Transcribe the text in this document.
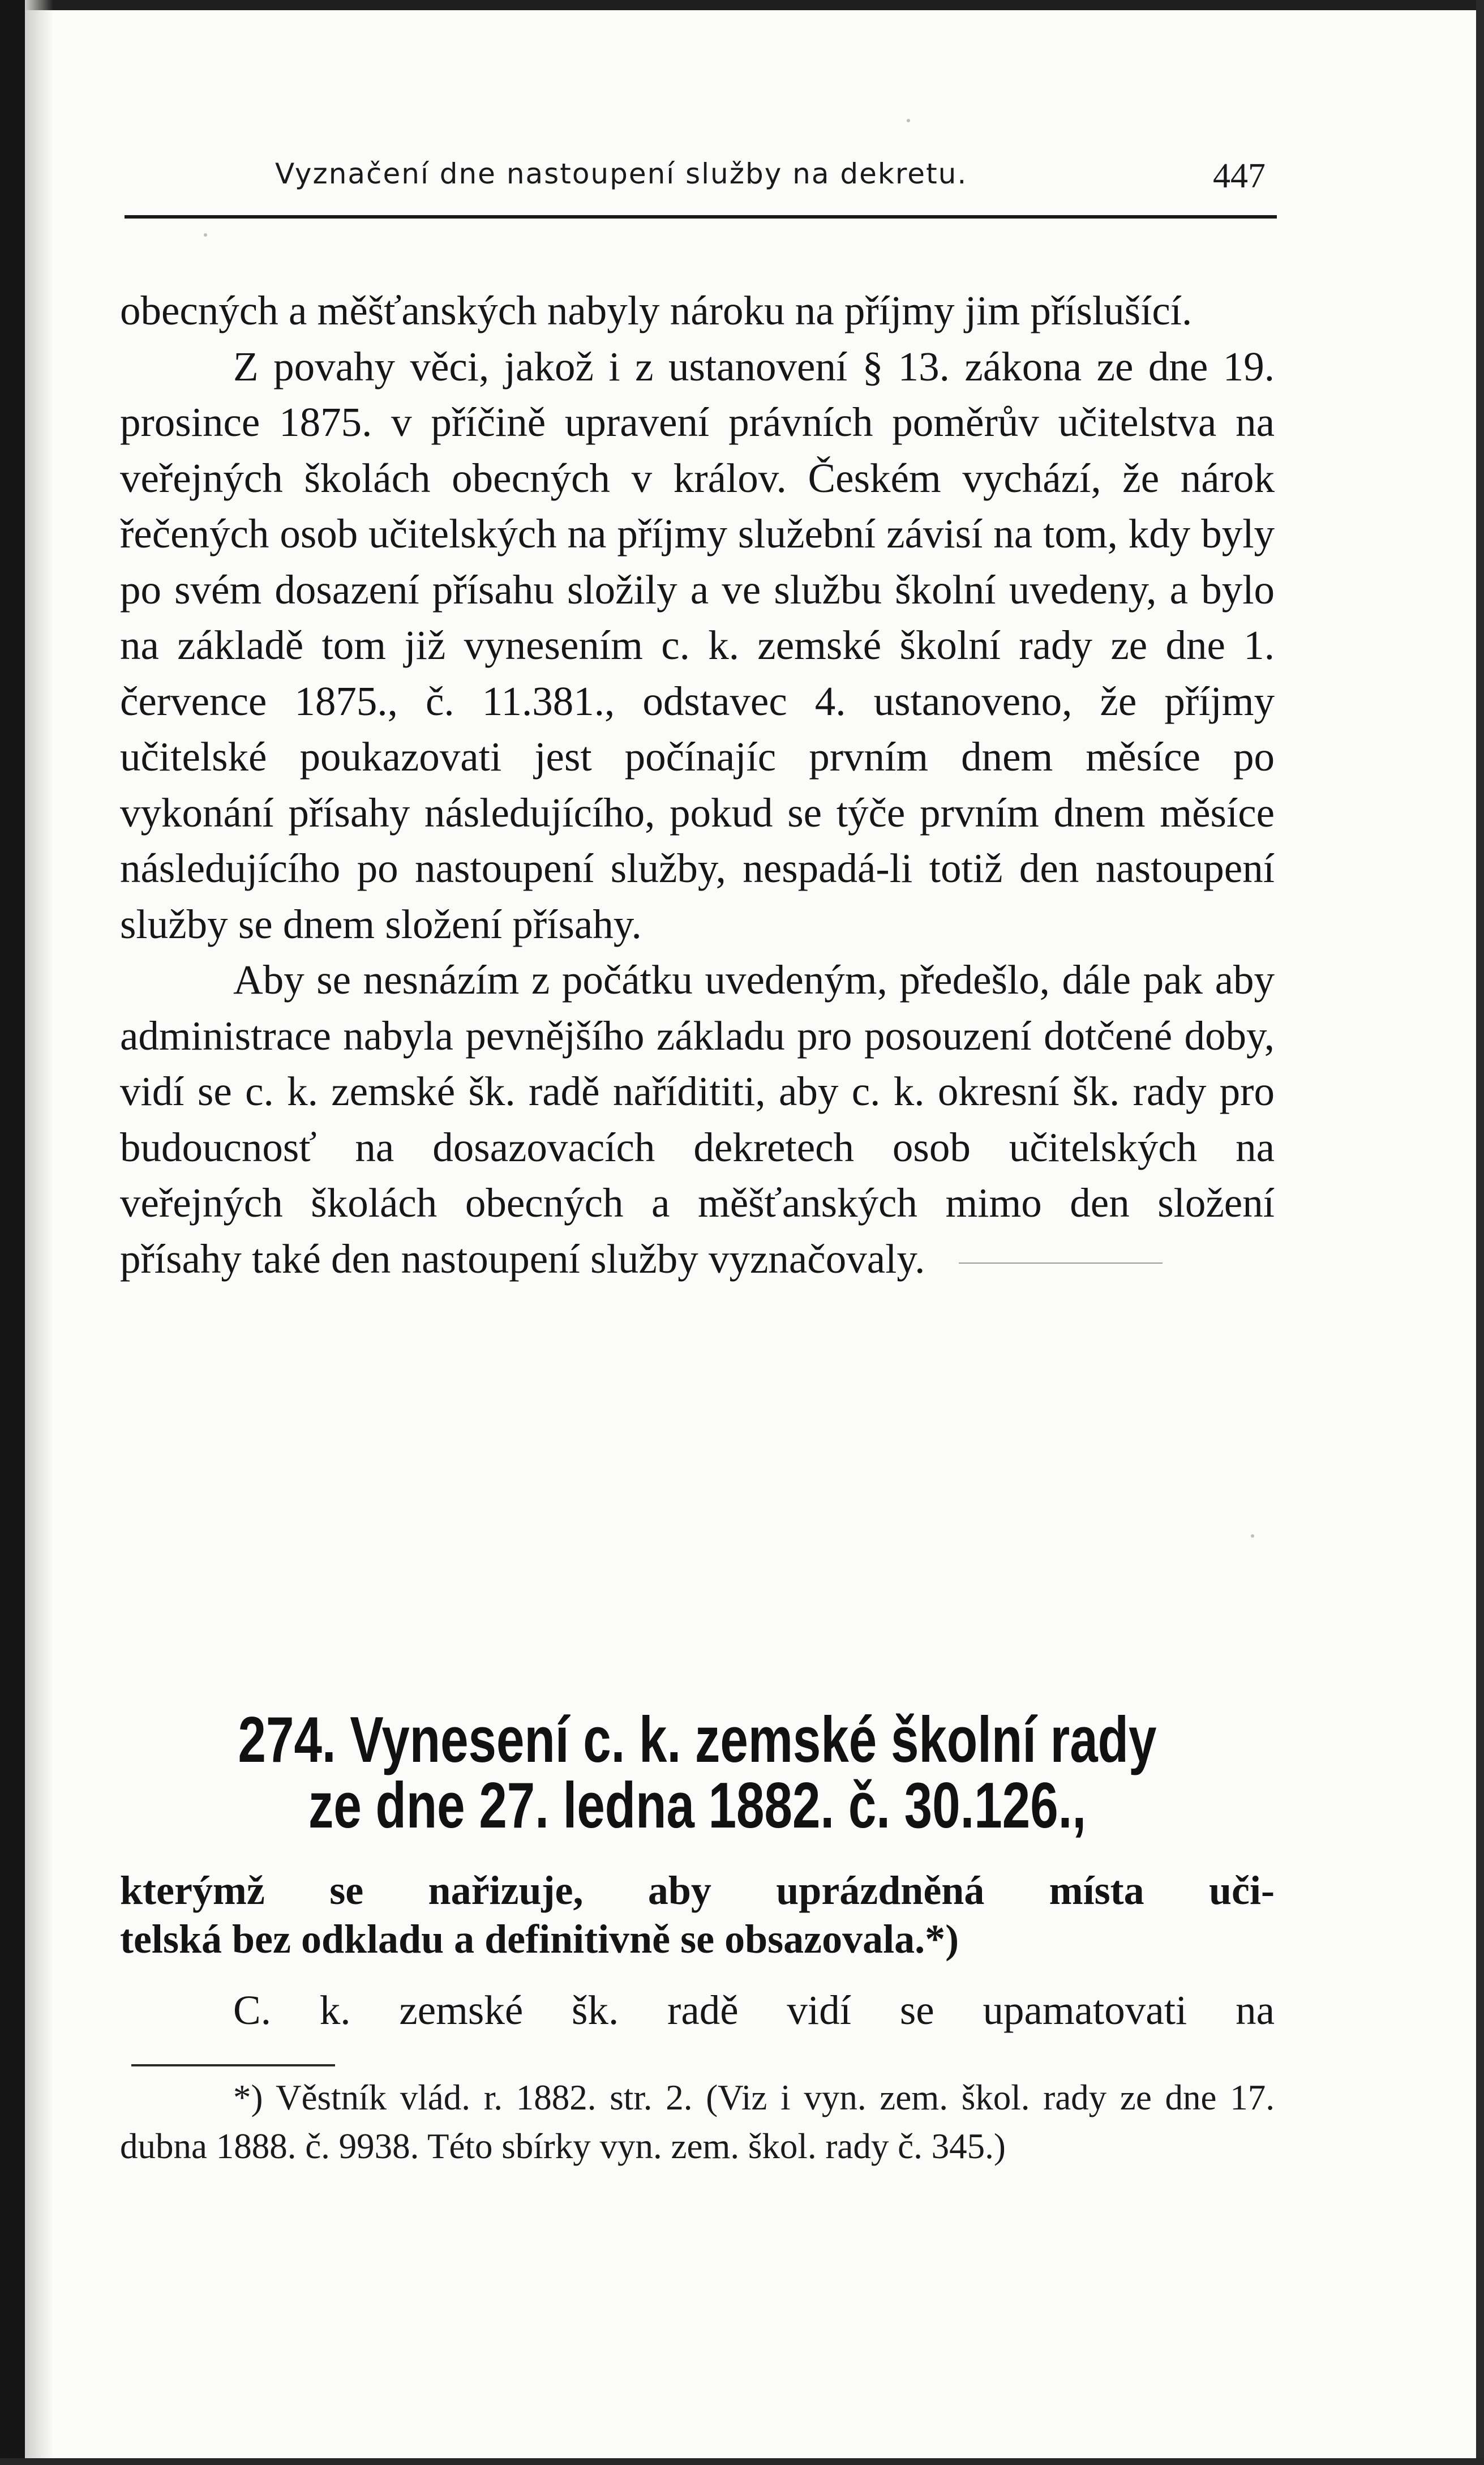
Vyznačení dne nastoupení služby na dekretu.	447

obecných a měšťanských nabyly nároku na příjmy jim příslušící.

Z povahy věci, jakož i z ustanovení § 13. zákona ze dne 19. prosince 1875. v příčině upravení právních poměrův učitelstva na veřejných školách obecných v králov. Českém vychází, že nárok řečených osob učitelských na příjmy služební závisí na tom, kdy byly po svém dosazení přísahu složily a ve službu školní uvedeny, a bylo na základě tom již vynesením c. k. zemské školní rady ze dne 1. července 1875., č. 11.381., odstavec 4. ustanoveno, že příjmy učitelské poukazovati jest počínajíc prvním dnem měsíce po vykonání přísahy následujícího, pokud se týče prvním dnem měsíce následujícího po nastoupení služby, nespadá-li totiž den nastoupení služby se dnem složení přísahy.

Aby se nesnázím z počátku uvedeným, předešlo, dále pak aby administrace nabyla pevnějšího základu pro posouzení dotčené doby, vidí se c. k. zemské šk. radě nařídititi, aby c. k. okresní šk. rady pro budoucnosť na dosazovacích dekretech osob učitelských na veřejných školách obecných a měšťanských mimo den složení přísahy také den nastoupení služby vyznačovaly.

274. Vynesení c. k. zemské školní rady
ze dne 27. ledna 1882. č. 30.126.,
kterýmž se nařizuje, aby uprázdněná místa uči-
telská bez odkladu a definitivně se obsazovala.*)
C. k. zemské šk. radě vidí se upamatovati na

*) Věstník vlád. r. 1882. str. 2. (Viz i vyn. zem. škol. rady ze dne 17. dubna 1888. č. 9938. Této sbírky vyn. zem. škol. rady č. 345.)
